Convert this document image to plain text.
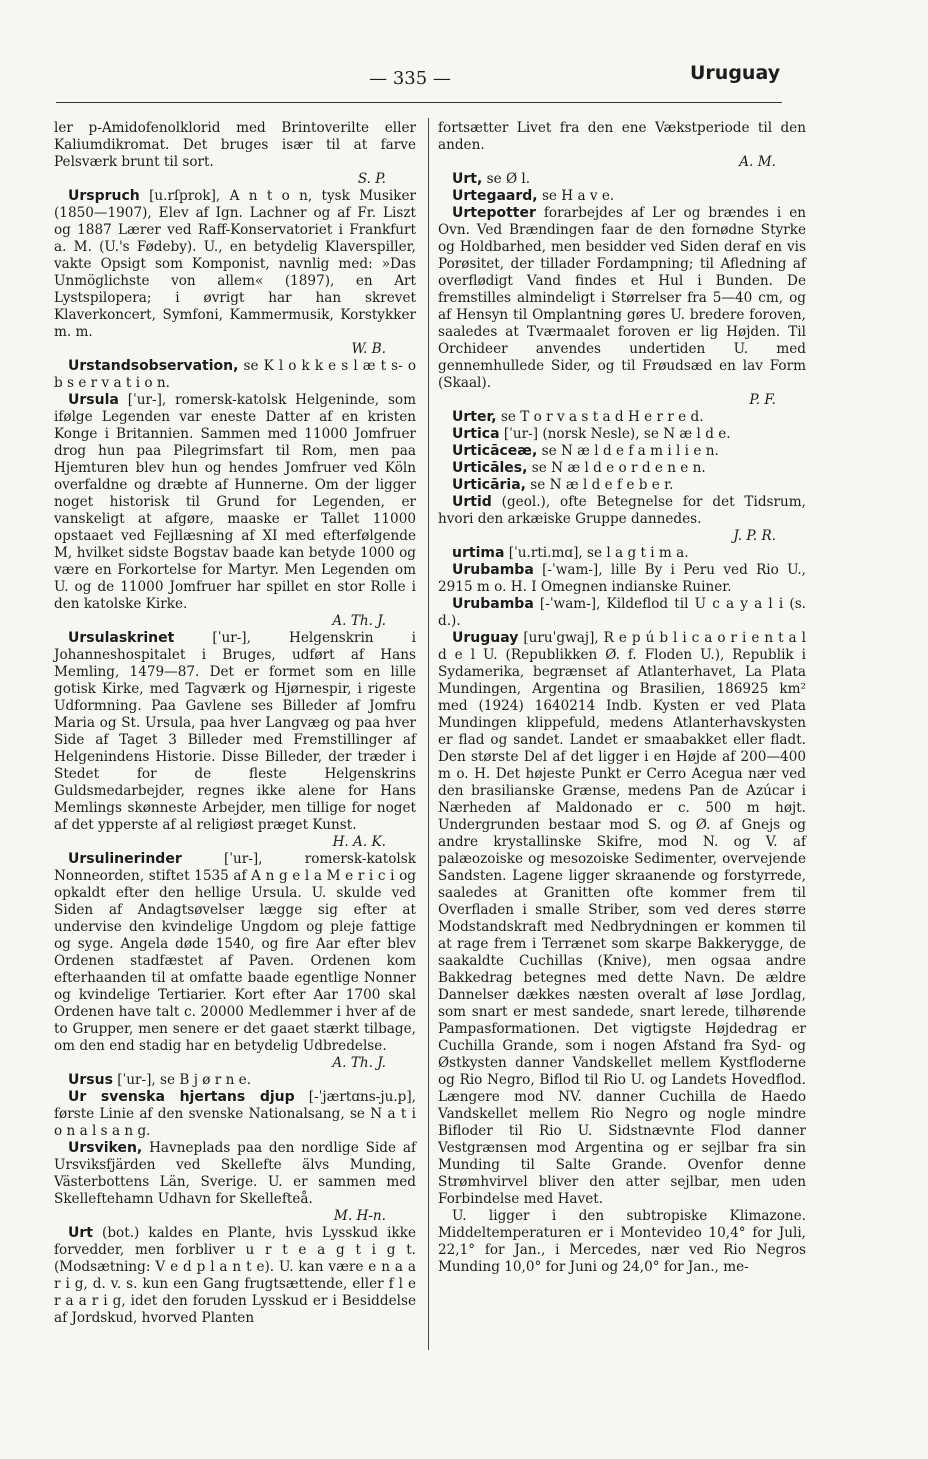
— 335 —	Uruguay

ler p-Amidofenolklorid med Brintoverilte eller Kaliumdikromat. Det bruges især til at farve Pelsværk brunt til sort.
S. P.

Urspruch [u.rſprok], A n t o n, tysk Musiker (1850—1907), Elev af Ign. Lachner og af Fr. Liszt og 1887 Lærer ved Raff-Konservatoriet i Frankfurt a. M. (U.'s Fødeby). U., en betydelig Klaverspiller, vakte Opsigt som Komponist, navnlig med: »Das Unmöglichste von allem« (1897), en Art Lystspilopera; i øvrigt har han skrevet Klaverkoncert, Symfoni, Kammermusik, Korstykker m. m.
W. B.

Urstandsobservation, se K l o k k e s l æ t s- o b s e r v a t i o n.

Ursula [ˈur-], romersk-katolsk Helgeninde, som ifølge Legenden var eneste Datter af en kristen Konge i Britannien. Sammen med 11000 Jomfruer drog hun paa Pilegrimsfart til Rom, men paa Hjemturen blev hun og hendes Jomfruer ved Köln overfaldne og dræbte af Hunnerne. Om der ligger noget historisk til Grund for Legenden, er vanskeligt at afgøre, maaske er Tallet 11000 opstaaet ved Fejllæsning af XI med efterfølgende M, hvilket sidste Bogstav baade kan betyde 1000 og være en Forkortelse for Martyr. Men Legenden om U. og de 11000 Jomfruer har spillet en stor Rolle i den katolske Kirke.
A. Th. J.

Ursulaskrinet [ˈur-], Helgenskrin i Johanneshospitalet i Bruges, udført af Hans Memling, 1479—87. Det er formet som en lille gotisk Kirke, med Tagværk og Hjørnespir, i rigeste Udformning. Paa Gavlene ses Billeder af Jomfru Maria og St. Ursula, paa hver Langvæg og paa hver Side af Taget 3 Billeder med Fremstillinger af Helgenindens Historie. Disse Billeder, der træder i Stedet for de fleste Helgenskrins Guldsmedarbejder, regnes ikke alene for Hans Memlings skønneste Arbejder, men tillige for noget af det ypperste af al religiøst præget Kunst.
H. A. K.

Ursulinerinder [ˈur-], romersk-katolsk Nonneorden, stiftet 1535 af A n g e l a M e r i c i og opkaldt efter den hellige Ursula. U. skulde ved Siden af Andagtsøvelser lægge sig efter at undervise den kvindelige Ungdom og pleje fattige og syge. Angela døde 1540, og fire Aar efter blev Ordenen stadfæstet af Paven. Ordenen kom efterhaanden til at omfatte baade egentlige Nonner og kvindelige Tertiarier. Kort efter Aar 1700 skal Ordenen have talt c. 20000 Medlemmer i hver af de to Grupper, men senere er det gaaet stærkt tilbage, om den end stadig har en betydelig Udbredelse.
A. Th. J.

Ursus [ˈur-], se B j ø r n e.

Ur svenska hjertans djup [-ˈjærtɑns-ju.p], første Linie af den svenske Nationalsang, se N a t i o n a l s a n g.

Ursviken, Havneplads paa den nordlige Side af Ursviksfjärden ved Skellefte älvs Munding, Västerbottens Län, Sverige. U. er sammen med Skelleftehamn Udhavn for Skellefteå.
M. H-n.

Urt (bot.) kaldes en Plante, hvis Lysskud ikke forvedder, men forbliver u r t e a g t i g t. (Modsætning: V e d p l a n t e). U. kan være e n a a r i g, d. v. s. kun een Gang frugtsættende, eller f l e r a a r i g, idet den foruden Lysskud er i Besiddelse af Jordskud, hvorved Planten

fortsætter Livet fra den ene Vækstperiode til den anden.
A. M.

Urt, se Ø l.

Urtegaard, se H a v e.

Urtepotter forarbejdes af Ler og brændes i en Ovn. Ved Brændingen faar de den fornødne Styrke og Holdbarhed, men besidder ved Siden deraf en vis Porøsitet, der tillader Fordampning; til Afledning af overflødigt Vand findes et Hul i Bunden. De fremstilles almindeligt i Størrelser fra 5—40 cm, og af Hensyn til Omplantning gøres U. bredere foroven, saaledes at Tværmaalet foroven er lig Højden. Til Orchideer anvendes undertiden U. med gennemhullede Sider, og til Frøudsæd en lav Form (Skaal).
P. F.

Urter, se T o r v a s t a d H e r r e d.

Urtica [ˈur-] (norsk Nesle), se N æ l d e.

Urticāceæ, se N æ l d e f a m i l i e n.

Urticāles, se N æ l d e o r d e n e n.

Urticāria, se N æ l d e f e b e r.

Urtid (geol.), ofte Betegnelse for det Tidsrum, hvori den arkæiske Gruppe dannedes.
J. P. R.

urtima [ˈu.rti.mɑ], se l a g t i m a.

Urubamba [-ˈwam-], lille By i Peru ved Rio U., 2915 m o. H. I Omegnen indianske Ruiner.

Urubamba [-ˈwam-], Kildeflod til U c a y a l i (s. d.).

Uruguay [uruˈgwaj], R e p ú b l i c a o r i e n t a l d e l U. (Republikken Ø. f. Floden U.), Republik i Sydamerika, begrænset af Atlanterhavet, La Plata Mundingen, Argentina og Brasilien, 186925 km² med (1924) 1640214 Indb. Kysten er ved Plata Mundingen klippefuld, medens Atlanterhavskysten er flad og sandet. Landet er smaabakket eller fladt. Den største Del af det ligger i en Højde af 200—400 m o. H. Det højeste Punkt er Cerro Acegua nær ved den brasilianske Grænse, medens Pan de Azúcar i Nærheden af Maldonado er c. 500 m højt. Undergrunden bestaar mod S. og Ø. af Gnejs og andre krystallinske Skifre, mod N. og V. af palæozoiske og mesozoiske Sedimenter, overvejende Sandsten. Lagene ligger skraanende og forstyrrede, saaledes at Granitten ofte kommer frem til Overfladen i smalle Striber, som ved deres større Modstandskraft med Nedbrydningen er kommen til at rage frem i Terrænet som skarpe Bakkerygge, de saakaldte Cuchillas (Knive), men ogsaa andre Bakkedrag betegnes med dette Navn. De ældre Dannelser dækkes næsten overalt af løse Jordlag, som snart er mest sandede, snart lerede, tilhørende Pampasformationen. Det vigtigste Højdedrag er Cuchilla Grande, som i nogen Afstand fra Syd- og Østkysten danner Vandskellet mellem Kystfloderne og Rio Negro, Biflod til Rio U. og Landets Hovedflod. Længere mod NV. danner Cuchilla de Haedo Vandskellet mellem Rio Negro og nogle mindre Bifloder til Rio U. Sidstnævnte Flod danner Vestgrænsen mod Argentina og er sejlbar fra sin Munding til Salte Grande. Ovenfor denne Strømhvirvel bliver den atter sejlbar, men uden Forbindelse med Havet.

U. ligger i den subtropiske Klimazone. Middeltemperaturen er i Montevideo 10,4° for Juli, 22,1° for Jan., i Mercedes, nær ved Rio Negros Munding 10,0° for Juni og 24,0° for Jan., me-
